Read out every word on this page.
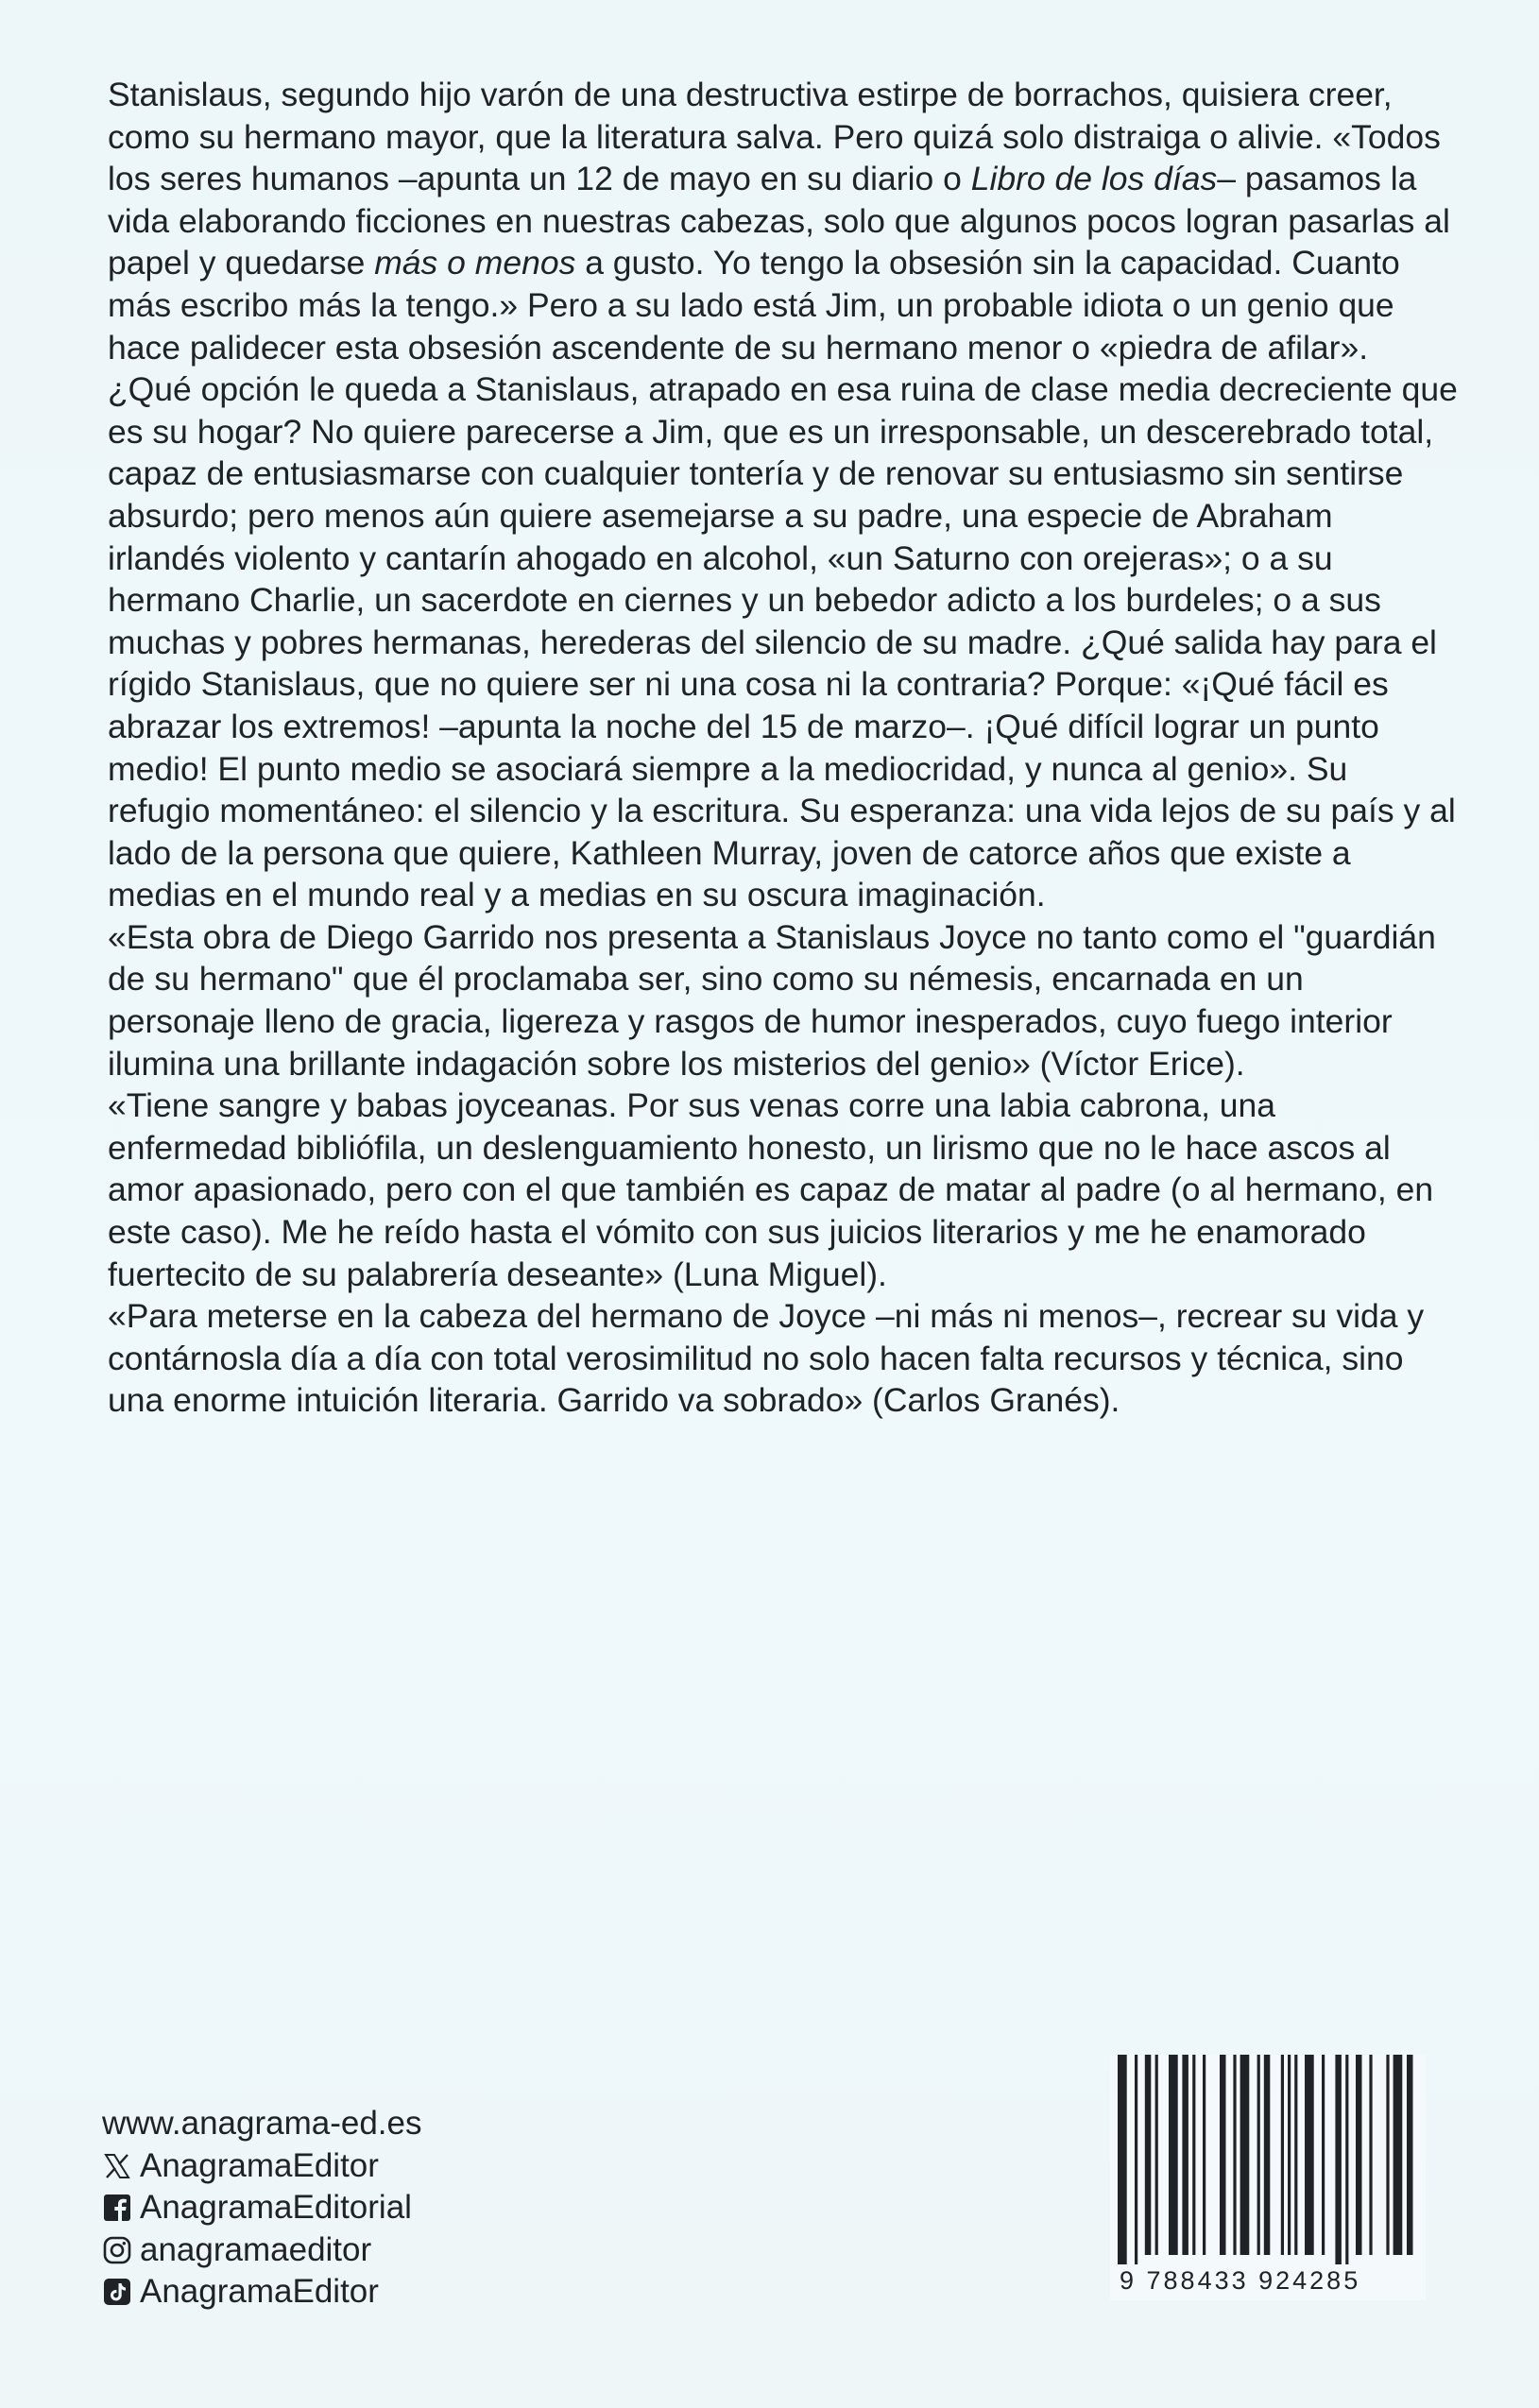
Stanislaus, segundo hijo varón de una destructiva estirpe de borrachos, quisiera creer, como su hermano mayor, que la literatura salva. Pero quizá solo distraiga o alivie. «Todos los seres humanos –apunta un 12 de mayo en su diario o Libro de los días– pasamos la vida elaborando ficciones en nuestras cabezas, solo que algunos pocos logran pasarlas al papel y quedarse más o menos a gusto. Yo tengo la obsesión sin la capacidad. Cuanto más escribo más la tengo.» Pero a su lado está Jim, un probable idiota o un genio que hace palidecer esta obsesión ascendente de su hermano menor o «piedra de afilar». ¿Qué opción le queda a Stanislaus, atrapado en esa ruina de clase media decreciente que es su hogar? No quiere parecerse a Jim, que es un irresponsable, un descerebrado total, capaz de entusiasmarse con cualquier tontería y de renovar su entusiasmo sin sentirse absurdo; pero menos aún quiere asemejarse a su padre, una especie de Abraham irlandés violento y cantarín ahogado en alcohol, «un Saturno con orejeras»; o a su hermano Charlie, un sacerdote en ciernes y un bebedor adicto a los burdeles; o a sus muchas y pobres hermanas, herederas del silencio de su madre. ¿Qué salida hay para el rígido Stanislaus, que no quiere ser ni una cosa ni la contraria? Porque: «¡Qué fácil es abrazar los extremos! –apunta la noche del 15 de marzo–. ¡Qué difícil lograr un punto medio! El punto medio se asociará siempre a la mediocridad, y nunca al genio». Su refugio momentáneo: el silencio y la escritura. Su esperanza: una vida lejos de su país y al lado de la persona que quiere, Kathleen Murray, joven de catorce años que existe a medias en el mundo real y a medias en su oscura imaginación.

«Esta obra de Diego Garrido nos presenta a Stanislaus Joyce no tanto como el "guardián de su hermano" que él proclamaba ser, sino como su némesis, encarnada en un personaje lleno de gracia, ligereza y rasgos de humor inesperados, cuyo fuego interior ilumina una brillante indagación sobre los misterios del genio» (Víctor Erice).

«Tiene sangre y babas joyceanas. Por sus venas corre una labia cabrona, una enfermedad bibliófila, un deslenguamiento honesto, un lirismo que no le hace ascos al amor apasionado, pero con el que también es capaz de matar al padre (o al hermano, en este caso). Me he reído hasta el vómito con sus juicios literarios y me he enamorado fuertecito de su palabrería deseante» (Luna Miguel).

«Para meterse en la cabeza del hermano de Joyce –ni más ni menos–, recrear su vida y contárnosla día a día con total verosimilitud no solo hacen falta recursos y técnica, sino una enorme intuición literaria. Garrido va sobrado» (Carlos Granés).

www.anagrama-ed.es
AnagramaEditor
AnagramaEditorial
anagramaeditor
AnagramaEditor	9 788433 924285
